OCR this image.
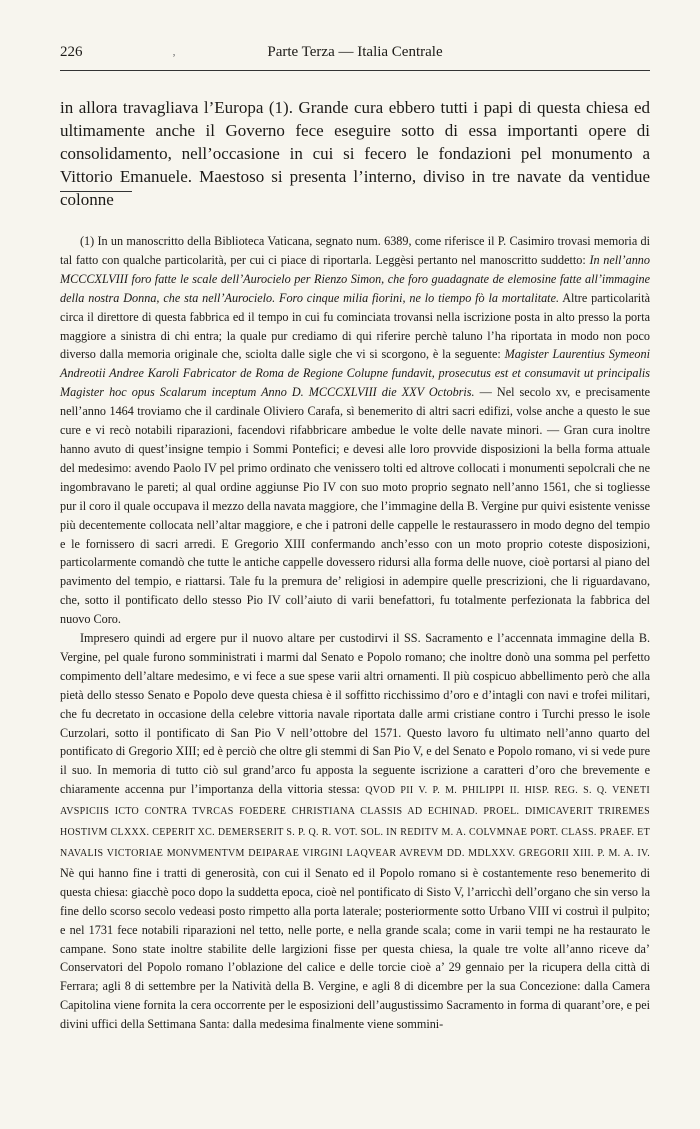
226	‚	Parte Terza — Italia Centrale

in allora travagliava l’Europa (1). Grande cura ebbero tutti i papi di questa chiesa ed ultimamente anche il Governo fece eseguire sotto di essa importanti opere di consolidamento, nell’occasione in cui si fecero le fondazioni pel monumento a Vittorio Emanuele. Maestoso si presenta l’interno, diviso in tre navate da ventidue colonne

(1) In un manoscritto della Biblioteca Vaticana, segnato num. 6389, come riferisce il P. Casimiro trovasi memoria di tal fatto con qualche particolarità, per cui ci piace di riportarla. Leggèsi pertanto nel manoscritto suddetto: In nell’anno MCCCXLVIII foro fatte le scale dell’Aurocielo per Rienzo Simon, che foro guadagnate de elemosine fatte all’immagine della nostra Donna, che sta nell’Aurocielo. Foro cinque milia fiorini, ne lo tiempo fò la mortalitate. Altre particolarità circa il direttore di questa fabbrica ed il tempo in cui fu cominciata trovansi nella iscrizione posta in alto presso la porta maggiore a sinistra di chi entra; la quale pur crediamo di qui riferire perchè taluno l’ha riportata in modo non poco diverso dalla memoria originale che, sciolta dalle sigle che vi si scorgono, è la seguente: Magister Laurentius Symeoni Andreotii Andree Karoli Fabricator de Roma de Regione Colupne fundavit, prosecutus est et consumavit ut principalis Magister hoc opus Scalarum inceptum Anno D. MCCCXLVIII die XXV Octobris. — Nel secolo xv, e precisamente nell’anno 1464 troviamo che il cardinale Oliviero Carafa, sì benemerito di altri sacri edifizi, volse anche a questo le sue cure e vi recò notabili riparazioni, facendovi rifabbricare ambedue le volte delle navate minori. — Gran cura inoltre hanno avuto di quest’insigne tempio i Sommi Pontefici; e devesi alle loro provvide disposizioni la bella forma attuale del medesimo: avendo Paolo IV pel primo ordinato che venissero tolti ed altrove collocati i monumenti sepolcrali che ne ingombravano le pareti; al qual ordine aggiunse Pio IV con suo moto proprio segnato nell’anno 1561, che si togliesse pur il coro il quale occupava il mezzo della navata maggiore, che l’immagine della B. Vergine pur quivi esistente venisse più decentemente collocata nell’altar maggiore, e che i patroni delle cappelle le restaurassero in modo degno del tempio e le fornissero di sacri arredi. E Gregorio XIII confermando anch’esso con un moto proprio coteste disposizioni, particolarmente comandò che tutte le antiche cappelle dovessero ridursi alla forma delle nuove, cioè portarsi al piano del pavimento del tempio, e riattarsi. Tale fu la premura de’ religiosi in adempire quelle prescrizioni, che li riguardavano, che, sotto il pontificato dello stesso Pio IV coll’aiuto di varii benefattori, fu totalmente perfezionata la fabbrica del nuovo Coro.

Impresero quindi ad ergere pur il nuovo altare per custodirvi il SS. Sacramento e l’accennata immagine della B. Vergine, pel quale furono somministrati i marmi dal Senato e Popolo romano; che inoltre donò una somma pel perfetto compimento dell’altare medesimo, e vi fece a sue spese varii altri ornamenti. Il più cospicuo abbellimento però che alla pietà dello stesso Senato e Popolo deve questa chiesa è il soffitto ricchissimo d’oro e d’intagli con navi e trofei militari, che fu decretato in occasione della celebre vittoria navale riportata dalle armi cristiane contro i Turchi presso le isole Curzolari, sotto il pontificato di San Pio V nell’ottobre del 1571. Questo lavoro fu ultimato nell’anno quarto del pontificato di Gregorio XIII; ed è perciò che oltre gli stemmi di San Pio V, e del Senato e Popolo romano, vi si vede pure il suo. In memoria di tutto ciò sul grand’arco fu apposta la seguente iscrizione a caratteri d’oro che brevemente e chiaramente accenna pur l’importanza della vittoria stessa: QVOD PII V. P. M. PHILIPPI II. HISP. REG. S. Q. VENETI AVSPICIIS ICTO CONTRA TVRCAS FOEDERE CHRISTIANA CLASSIS AD ECHINAD. PROEL. DIMICAVERIT TRIREMES HOSTIVM CLXXX. CEPERIT XC. DEMERSERIT S. P. Q. R. VOT. SOL. IN REDITV M. A. COLVMNAE PORT. CLASS. PRAEF. ET NAVALIS VICTORIAE MONVMENTVM DEIPARAE VIRGINI LAQVEAR AVREVM DD. MDLXXV. GREGORII XIII. P. M. A. IV. Nè qui hanno fine i tratti di generosità, con cui il Senato ed il Popolo romano si è costantemente reso benemerito di questa chiesa: giacchè poco dopo la suddetta epoca, cioè nel pontificato di Sisto V, l’arricchì dell’organo che sin verso la fine dello scorso secolo vedeasi posto rimpetto alla porta laterale; posteriormente sotto Urbano VIII vi costruì il pulpito; e nel 1731 fece notabili riparazioni nel tetto, nelle porte, e nella grande scala; come in varii tempi ne ha restaurato le campane. Sono state inoltre stabilite delle largizioni fisse per questa chiesa, la quale tre volte all’anno riceve da’ Conservatori del Popolo romano l’oblazione del calice e delle torcie cioè a’ 29 gennaio per la ricupera della città di Ferrara; agli 8 di settembre per la Natività della B. Vergine, e agli 8 di dicembre per la sua Concezione: dalla Camera Capitolina viene fornita la cera occorrente per le esposizioni dell’augustissimo Sacramento in forma di quarant’ore, e pei divini uffici della Settimana Santa: dalla medesima finalmente viene sommini-
